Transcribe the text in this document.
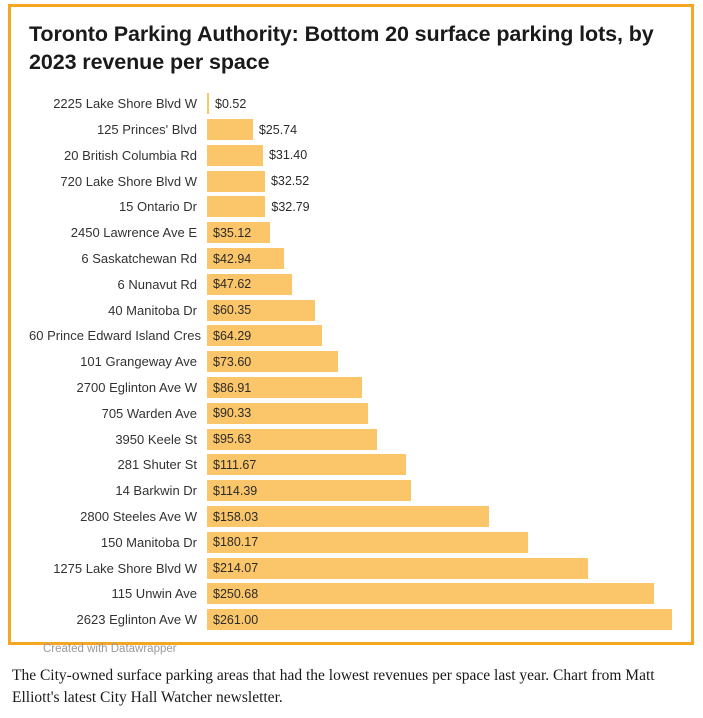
Toronto Parking Authority: Bottom 20 surface parking lots, by 2023 revenue per space
2225 Lake Shore Blvd W	$0.52
125 Princes' Blvd	$25.74
20 British Columbia Rd	$31.40
720 Lake Shore Blvd W	$32.52
15 Ontario Dr	$32.79
2450 Lawrence Ave E	$35.12
6 Saskatchewan Rd	$42.94
6 Nunavut Rd	$47.62
40 Manitoba Dr	$60.35
60 Prince Edward Island Cres $64.29
101 Grangeway Ave	$73.60
2700 Eglinton Ave W	$86.91
705 Warden Ave	$90.33
3950 Keele St	$95.63
281 Shuter St	$111.67
14 Barkwin Dr	$114.39
2800 Steeles Ave W	$158.03
150 Manitoba Dr	$180.17
1275 Lake Shore Blvd W	$214.07
115 Unwin Ave	$250.68
2623 Eglinton Ave W	$261.00
Created with Datawrapper
The City-owned surface parking areas that had the lowest revenues per space last year. Chart from Matt Elliott's latest City Hall Watcher newsletter.
